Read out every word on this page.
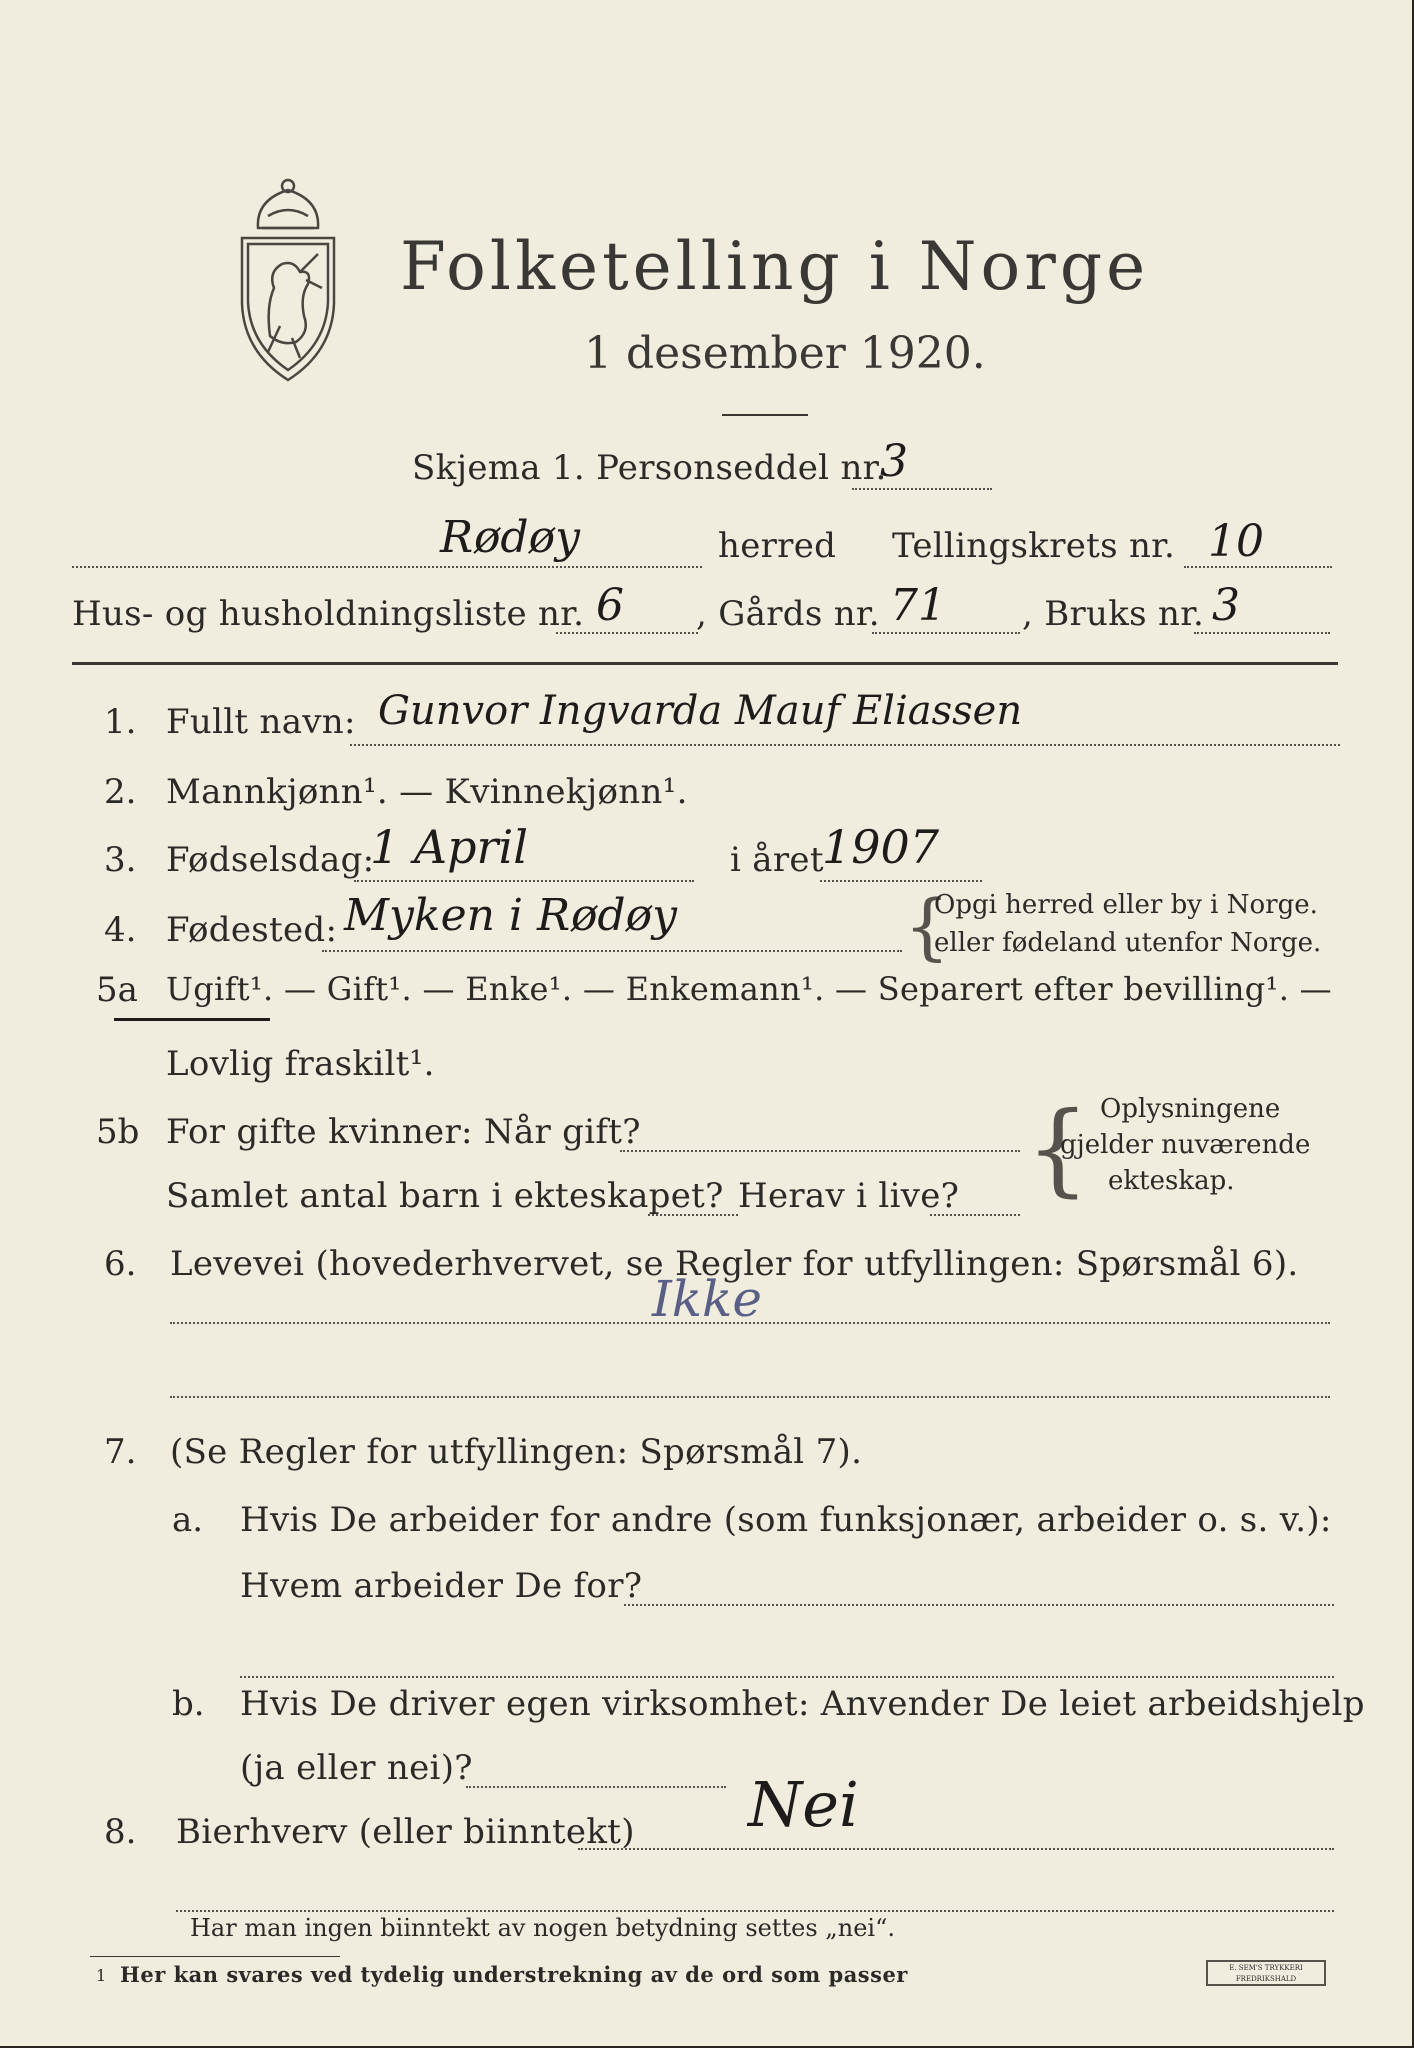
Folketelling i Norge
1 desember 1920.
Skjema 1. Personseddel nr.
3
Rødøy	herred Tellingskrets nr. 10
Hus- og husholdningsliste nr. 6 , Gårds nr. 71 , Bruks nr. 3
1. Fullt navn: Gunvor Ingvarda Mauf Eliassen
2. Mannkjønn¹. — Kvinnekjønn¹.
3. Fødselsdag:
1 April	i året
1907
4. Fødested: Myken i Rødøy	{
Opgi herred eller by i Norge.
eller fødeland utenfor Norge.
5a Ugift¹. — Gift¹. — Enke¹. — Enkemann¹. — Separert efter bevilling¹. —
Lovlig fraskilt¹.
5b For gifte kvinner: Når gift?
Samlet antal barn i ekteskapet? Herav i live? { Oplysningene
gjelder nuværende
ekteskap.
6. Levevei (hovederhvervet, se Regler for utfyllingen: Spørsmål 6).
Ikke
7. (Se Regler for utfyllingen: Spørsmål 7).
a. Hvis De arbeider for andre (som funksjonær, arbeider o. s. v.):
Hvem arbeider De for?
b. Hvis De driver egen virksomhet: Anvender De leiet arbeidshjelp
(ja eller nei)?
8. Bierhverv (eller biinntekt) Nei
Har man ingen biinntekt av nogen betydning settes „nei“.
1 Her kan svares ved tydelig understrekning av de ord som passer	E. SEM'S TRYKKERI FREDRIKSHALD
